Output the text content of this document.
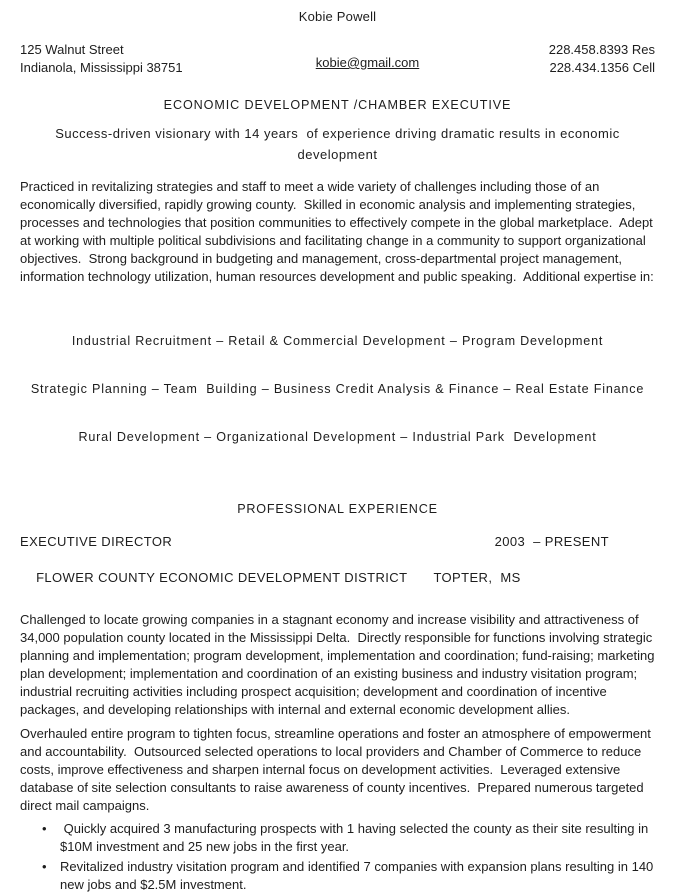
Kobie Powell
125 Walnut Street
Indianola, Mississippi 38751	kobie@gmail.com
228.458.8393 Res
228.434.1356 Cell
ECONOMIC DEVELOPMENT /CHAMBER EXECUTIVE
Success-driven visionary with 14 years  of experience driving dramatic results in economic development

Practiced in revitalizing strategies and staff to meet a wide variety of challenges including those of an economically diversified, rapidly growing county.  Skilled in economic analysis and implementing strategies, processes and technologies that position communities to effectively compete in the global marketplace.  Adept at working with multiple political subdivisions and facilitating change in a community to support organizational objectives.  Strong background in budgeting and management, cross-departmental project management, information technology utilization, human resources development and public speaking.  Additional expertise in:

Industrial Recruitment – Retail & Commercial Development – Program Development

Strategic Planning – Team  Building – Business Credit Analysis & Finance – Real Estate Finance

Rural Development – Organizational Development – Industrial Park  Development

PROFESSIONAL EXPERIENCE
EXECUTIVE DIRECTOR	2003  – PRESENT

FLOWER COUNTY ECONOMIC DEVELOPMENT DISTRICT TOPTER,  MS

Challenged to locate growing companies in a stagnant economy and increase visibility and attractiveness of 34,000 population county located in the Mississippi Delta.  Directly responsible for functions involving strategic planning and implementation; program development, implementation and coordination; fund-raising; marketing plan development; implementation and coordination of an existing business and industry visitation program; industrial recruiting activities including prospect acquisition; development and coordination of incentive packages, and developing relationships with internal and external economic development allies.

Overhauled entire program to tighten focus, streamline operations and foster an atmosphere of empowerment and accountability.  Outsourced selected operations to local providers and Chamber of Commerce to reduce costs, improve effectiveness and sharpen internal focus on development activities.  Leveraged extensive database of site selection consultants to raise awareness of county incentives.  Prepared numerous targeted direct mail campaigns.

•  Quickly acquired 3 manufacturing prospects with 1 having selected the county as their site resulting in $10M investment and 25 new jobs in the first year.
• Revitalized industry visitation program and identified 7 companies with expansion plans resulting in 140 new jobs and $2.5M investment.
